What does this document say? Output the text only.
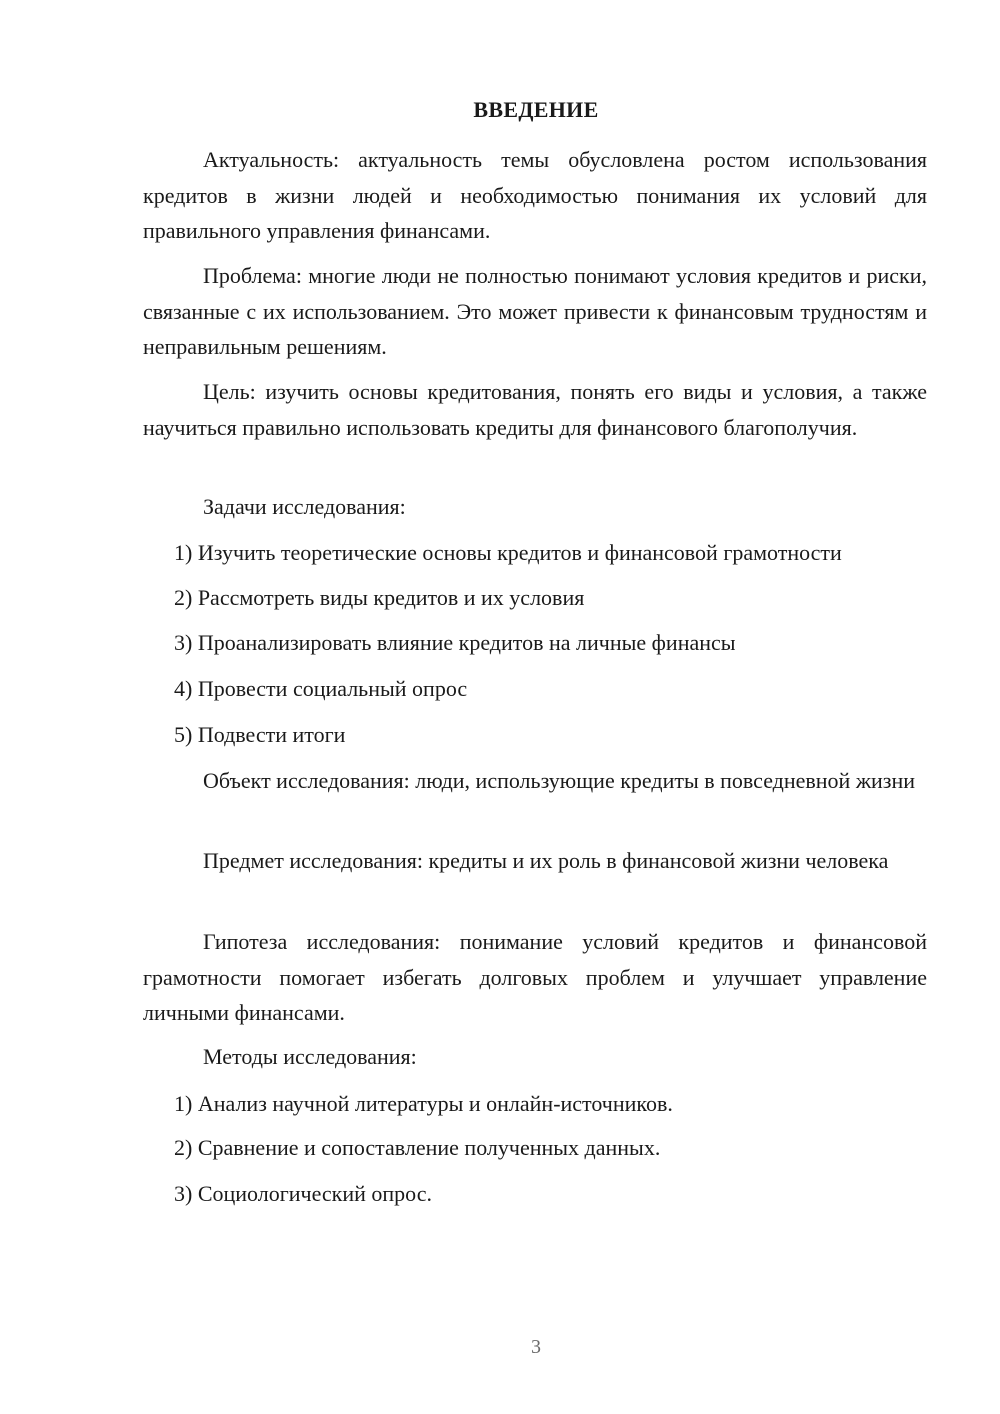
ВВЕДЕНИЕ

Актуальность: актуальность темы обусловлена ростом использования кредитов в жизни людей и необходимостью понимания их условий для правильного управления финансами.

Проблема: многие люди не полностью понимают условия кредитов и риски, связанные с их использованием. Это может привести к финансовым трудностям и неправильным решениям.

Цель: изучить основы кредитования, понять его виды и условия, а также научиться правильно использовать кредиты для финансового благополучия.

Задачи исследования:
1) Изучить теоретические основы кредитов и финансовой грамотности
2) Рассмотреть виды кредитов и их условия
3) Проанализировать влияние кредитов на личные финансы
4) Провести социальный опрос
5) Подвести итоги

Объект исследования: люди, использующие кредиты в повседневной жизни

Предмет исследования: кредиты и их роль в финансовой жизни человека

Гипотеза исследования: понимание условий кредитов и финансовой грамотности помогает избегать долговых проблем и улучшает управление личными финансами.

Методы исследования:
1) Анализ научной литературы и онлайн-источников.
2) Сравнение и сопоставление полученных данных.
3) Социологический опрос.
3
